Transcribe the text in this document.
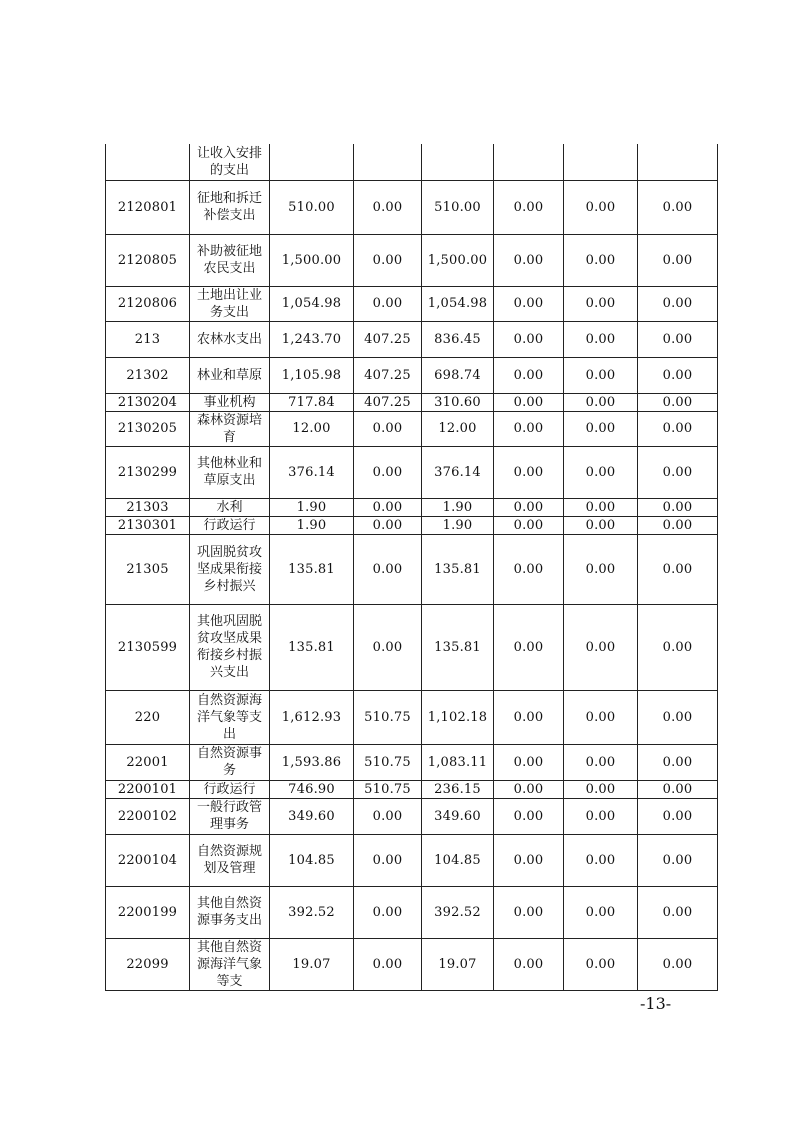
	让收入安排的支出						
2120801	征地和拆迁补偿支出	510.00	0.00	510.00	0.00	0.00	0.00
2120805	补助被征地农民支出	1,500.00	0.00	1,500.00	0.00	0.00	0.00
2120806	土地出让业务支出	1,054.98	0.00	1,054.98	0.00	0.00	0.00
213	农林水支出	1,243.70	407.25	836.45	0.00	0.00	0.00
21302	林业和草原	1,105.98	407.25	698.74	0.00	0.00	0.00
2130204	事业机构	717.84	407.25	310.60	0.00	0.00	0.00
2130205	森林资源培育	12.00	0.00	12.00	0.00	0.00	0.00
2130299	其他林业和草原支出	376.14	0.00	376.14	0.00	0.00	0.00
21303	水利	1.90	0.00	1.90	0.00	0.00	0.00
2130301	行政运行	1.90	0.00	1.90	0.00	0.00	0.00
21305	巩固脱贫攻坚成果衔接乡村振兴	135.81	0.00	135.81	0.00	0.00	0.00
2130599	其他巩固脱贫攻坚成果衔接乡村振兴支出	135.81	0.00	135.81	0.00	0.00	0.00
220	自然资源海洋气象等支出	1,612.93	510.75	1,102.18	0.00	0.00	0.00
22001	自然资源事务	1,593.86	510.75	1,083.11	0.00	0.00	0.00
2200101	行政运行	746.90	510.75	236.15	0.00	0.00	0.00
2200102	一般行政管理事务	349.60	0.00	349.60	0.00	0.00	0.00
2200104	自然资源规划及管理	104.85	0.00	104.85	0.00	0.00	0.00
2200199	其他自然资源事务支出	392.52	0.00	392.52	0.00	0.00	0.00
22099	其他自然资源海洋气象等支	19.07	0.00	19.07	0.00	0.00	0.00
-13-
